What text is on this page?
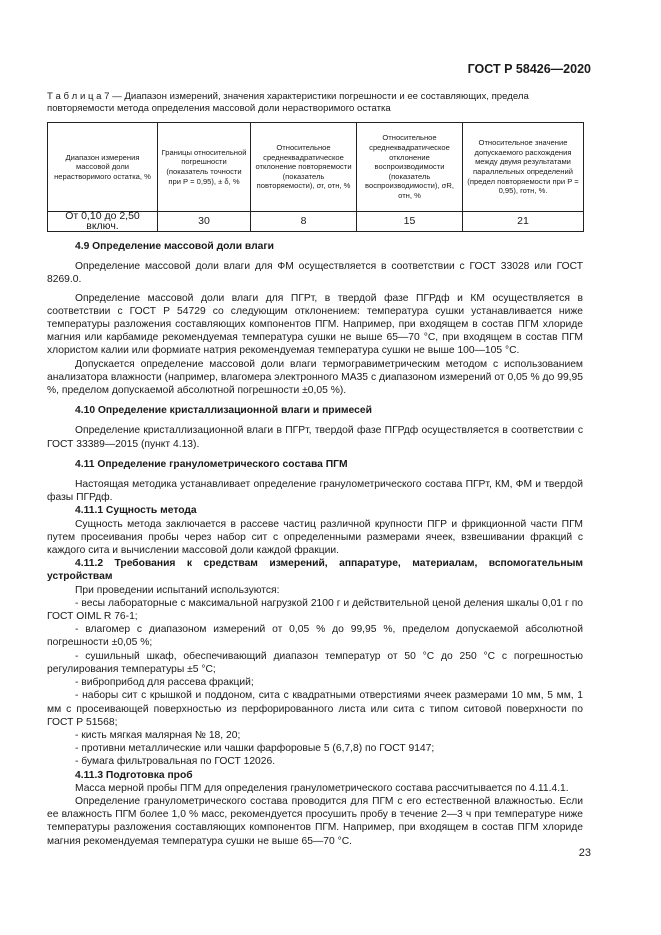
ГОСТ Р 58426—2020
Т а б л и ц а 7 — Диапазон измерений, значения характеристики погрешности и ее составляющих, предела повторяемости метода определения массовой доли нерастворимого остатка
Диапазон измерения массовой доли нерастворимого остатка, %	Границы относительной погрешности (показатель точности при P = 0,95), ± δ, %	Относительное среднеквадратическое отклонение повторяемости (показатель повторяемости), σr, отн, %	Относительное среднеквадратическое отклонение воспроизводимости (показатель воспроизводимости), σR, отн, %	Относительное значение допускаемого расхождения между двумя результатами параллельных определений (предел повторяемости при P = 0,95), rотн, %.
От 0,10 до 2,50 включ.	30	8	15	21

4.9 Определение массовой доли влаги

Определение массовой доли влаги для ФМ осуществляется в соответствии с ГОСТ 33028 или ГОСТ 8269.0.

Определение массовой доли влаги для ПГРт, в твердой фазе ПГРдф и КМ осуществляется в соответствии с ГОСТ Р 54729 со следующим отклонением: температура сушки устанавливается ниже температуры разложения составляющих компонентов ПГМ. Например, при входящем в состав ПГМ хлориде магния или карбамиде рекомендуемая температура сушки не выше 65—70 °С, при входящем в состав ПГМ хлористом калии или формиате натрия рекомендуемая температура сушки не выше 100—105 °С.

Допускается определение массовой доли влаги термогравиметрическим методом с использованием анализатора влажности (например, влагомера электронного МА35 с диапазоном измерений от 0,05 % до 99,95 %, пределом допускаемой абсолютной погрешности ±0,05 %).

4.10 Определение кристаллизационной влаги и примесей

Определение кристаллизационной влаги в ПГРт, твердой фазе ПГРдф осуществляется в соответствии с ГОСТ 33389—2015 (пункт 4.13).

4.11 Определение гранулометрического состава ПГМ

Настоящая методика устанавливает определение гранулометрического состава ПГРт, КМ, ФМ и твердой фазы ПГРдф.

4.11.1 Сущность метода

Сущность метода заключается в рассеве частиц различной крупности ПГР и фрикционной части ПГМ путем просеивания пробы через набор сит с определенными размерами ячеек, взвешивании фракций с каждого сита и вычислении массовой доли каждой фракции.

4.11.2 Требования к средствам измерений, аппаратуре, материалам, вспомогательным устройствам

При проведении испытаний используются:

- весы лабораторные с максимальной нагрузкой 2100 г и действительной ценой деления шкалы 0,01 г по ГОСТ OIML R 76-1;

- влагомер с диапазоном измерений от 0,05 % до 99,95 %, пределом допускаемой абсолютной погрешности ±0,05 %;

- сушильный шкаф, обеспечивающий диапазон температур от 50 °С до 250 °С с погрешностью регулирования температуры ±5 °С;

- виброприбод для рассева фракций;

- наборы сит с крышкой и поддоном, сита с квадратными отверстиями ячеек размерами 10 мм, 5 мм, 1 мм с просеивающей поверхностью из перфорированного листа или сита с типом ситовой поверхности по ГОСТ Р 51568;

- кисть мягкая малярная № 18, 20;

- противни металлические или чашки фарфоровые 5 (6,7,8) по ГОСТ 9147;

- бумага фильтровальная по ГОСТ 12026.

4.11.3 Подготовка проб

Масса мерной пробы ПГМ для определения гранулометрического состава рассчитывается по 4.11.4.1.

Определение гранулометрического состава проводится для ПГМ с его естественной влажностью. Если ее влажность ПГМ более 1,0 % масс, рекомендуется просушить пробу в течение 2—3 ч при температуре ниже температуры разложения составляющих компонентов ПГМ. Например, при входящем в состав ПГМ хлориде магния рекомендуемая температура сушки не выше 65—70 °С.

23
